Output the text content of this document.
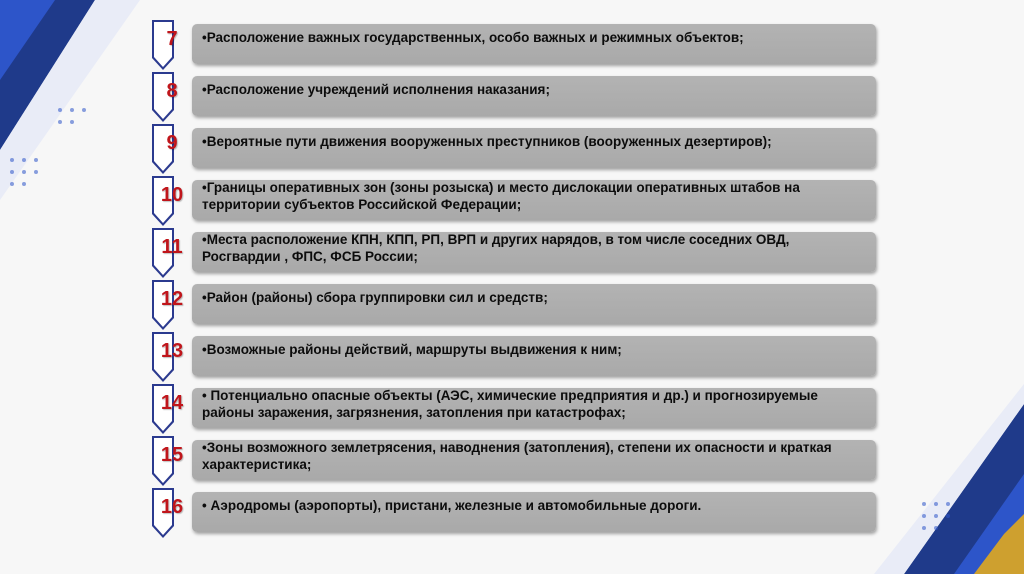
•Расположение важных государственных, особо важных и режимных объектов;
7
•Расположение учреждений исполнения наказания;
8
•Вероятные пути движения вооруженных преступников (вооруженных дезертиров);
9
•Границы оперативных зон (зоны розыска) и место дислокации оперативных штабов на территории субъектов Российской Федерации;
10
•Места расположение КПН, КПП, РП, ВРП и других нарядов, в том числе соседних ОВД, Росгвардии , ФПС, ФСБ России;
11
•Район (районы) сбора группировки сил и средств;
12
•Возможные районы действий, маршруты выдвижения к ним;
13
• Потенциально опасные объекты (АЭС, химические предприятия и др.) и прогнозируемые районы заражения, загрязнения, затопления при катастрофах;
14
•Зоны возможного землетрясения, наводнения (затопления), степени их опасности и краткая характеристика;
15
• Аэродромы (аэропорты), пристани, железные и автомобильные дороги.
16
